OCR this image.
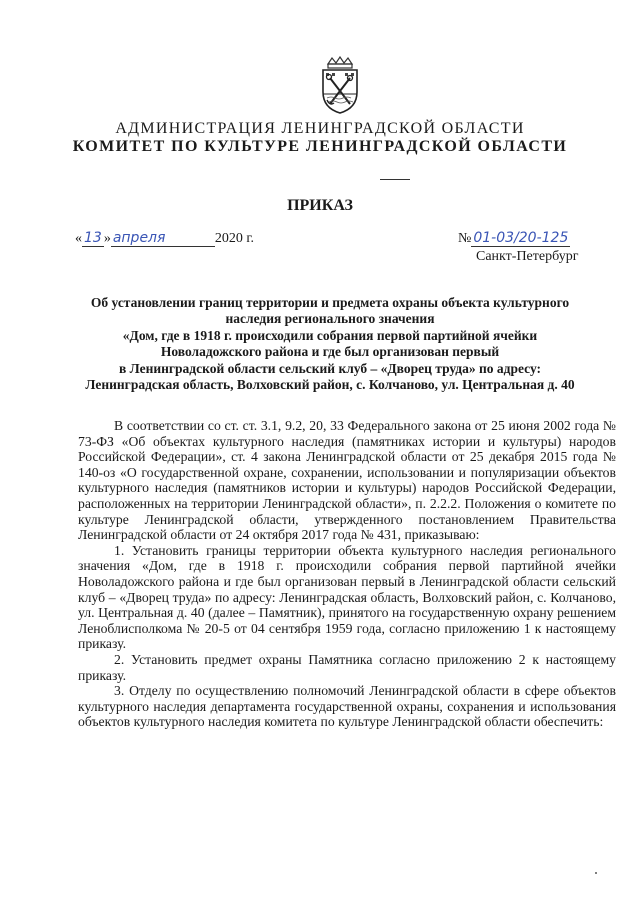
АДМИНИСТРАЦИЯ ЛЕНИНГРАДСКОЙ ОБЛАСТИ
КОМИТЕТ ПО КУЛЬТУРЕ ЛЕНИНГРАДСКОЙ ОБЛАСТИ
ПРИКАЗ
« 13 » апреля	2020 г.	№ 01-03/20-125
Санкт-Петербург
Об установлении границ территории и предмета охраны объекта культурного
наследия регионального значения
«Дом, где в 1918 г. происходили собрания первой партийной ячейки
Новоладожского района и где был организован первый
в Ленинградской области сельский клуб – «Дворец труда» по адресу:
Ленинградская область, Волховский район, с. Колчаново, ул. Центральная д. 40

В соответствии со ст. ст. 3.1, 9.2, 20, 33 Федерального закона от 25 июня 2002 года № 73-ФЗ «Об объектах культурного наследия (памятниках истории и культуры) народов Российской Федерации», ст. 4 закона Ленинградской области от 25 декабря 2015 года № 140-оз «О государственной охране, сохранении, использовании и популяризации объектов культурного наследия (памятников истории и культуры) народов Российской Федерации, расположенных на территории Ленинградской области», п. 2.2.2. Положения о комитете по культуре Ленинградской области, утвержденного постановлением Правительства Ленинградской области от 24 октября 2017 года № 431, приказываю:

1. Установить границы территории объекта культурного наследия регионального значения «Дом, где в 1918 г. происходили собрания первой партийной ячейки Новоладожского района и где был организован первый в Ленинградской области сельский клуб – «Дворец труда» по адресу: Ленинградская область, Волховский район, с. Колчаново, ул. Центральная д. 40 (далее – Памятник), принятого на государственную охрану решением Леноблисполкома № 20-5 от 04 сентября 1959 года, согласно приложению 1 к настоящему приказу.

2. Установить предмет охраны Памятника согласно приложению 2 к настоящему приказу.

3. Отделу по осуществлению полномочий Ленинградской области в сфере объектов культурного наследия департамента государственной охраны, сохранения и использования объектов культурного наследия комитета по культуре Ленинградской области обеспечить:
